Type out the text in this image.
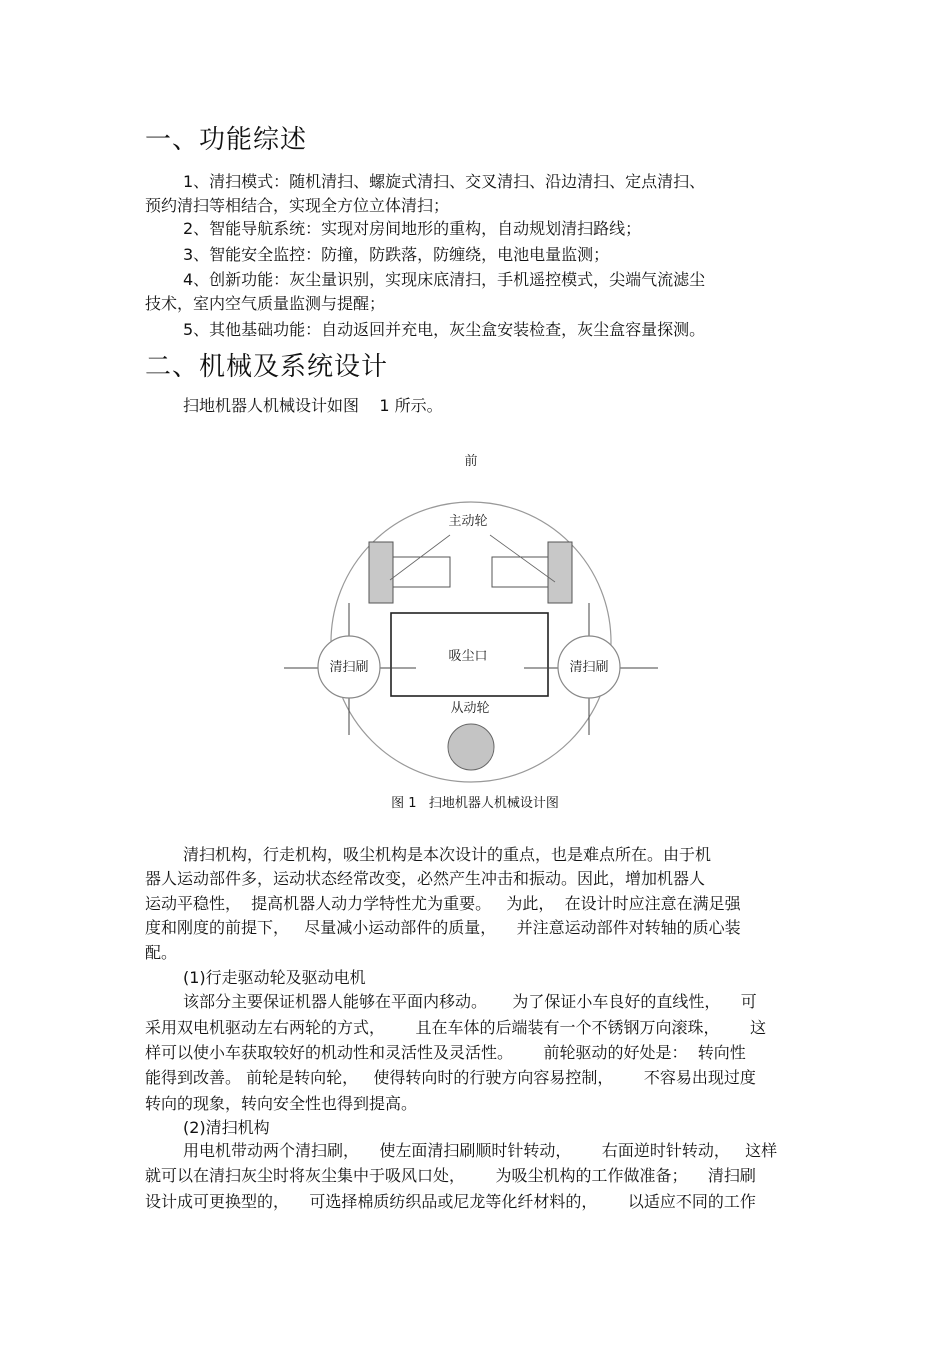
一、功能综述

1、清扫模式：随机清扫、螺旋式清扫、交叉清扫、沿边清扫、定点清扫、

预约清扫等相结合，实现全方位立体清扫；

2、智能导航系统：实现对房间地形的重构，自动规划清扫路线；

3、智能安全监控：防撞，防跌落，防缠绕，电池电量监测；

4、创新功能：灰尘量识别，实现床底清扫，手机遥控模式，尖端气流滤尘

技术，室内空气质量监测与提醒；

5、其他基础功能：自动返回并充电，灰尘盒安装检查，灰尘盒容量探测。

二、机械及系统设计

扫地机器人机械设计如图    1 所示。

前
主动轮
吸尘口
清扫刷	清扫刷
从动轮
图 1   扫地机器人机械设计图

清扫机构，行走机构，吸尘机构是本次设计的重点，也是难点所在。由于机

器人运动部件多，运动状态经常改变，必然产生冲击和振动。因此，增加机器人

运动平稳性，  提高机器人动力学特性尤为重要。   为此，  在设计时应注意在满足强

度和刚度的前提下，   尽量减小运动部件的质量，    并注意运动部件对转轴的质心装

配。

(1)行走驱动轮及驱动电机

该部分主要保证机器人能够在平面内移动。     为了保证小车良好的直线性，    可

采用双电机驱动左右两轮的方式，      且在车体的后端装有一个不锈钢万向滚珠，      这

样可以使小车获取较好的机动性和灵活性及灵活性。      前轮驱动的好处是：  转向性

能得到改善。 前轮是转向轮，   使得转向时的行驶方向容易控制，      不容易出现过度

转向的现象，转向安全性也得到提高。

(2)清扫机构

用电机带动两个清扫刷，    使左面清扫刷顺时针转动，      右面逆时针转动，   这样

就可以在清扫灰尘时将灰尘集中于吸风口处，      为吸尘机构的工作做准备；    清扫刷

设计成可更换型的，    可选择棉质纺织品或尼龙等化纤材料的，      以适应不同的工作
